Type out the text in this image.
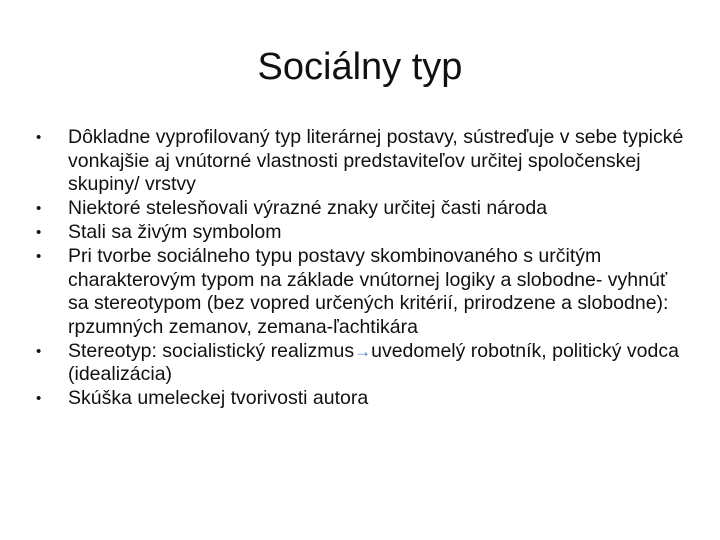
Sociálny typ
•	Dôkladne vyprofilovaný typ literárnej postavy, sústreďuje v sebe typické vonkajšie aj vnútorné vlastnosti predstaviteľov určitej spoločenskej skupiny/ vrstvy
•	Niektoré stelesňovali výrazné znaky určitej časti národa
•	Stali sa živým symbolom
•	Pri tvorbe sociálneho typu postavy skombinovaného s určitým charakterovým typom na základe vnútornej logiky a slobodne- vyhnúť sa stereotypom (bez vopred určených kritérií, prirodzene a slobodne): rpzumných zemanov, zemana-ľachtikára
•	Stereotyp: socialistický realizmus→uvedomelý robotník, politický vodca (idealizácia)
•	Skúška umeleckej tvorivosti autora
